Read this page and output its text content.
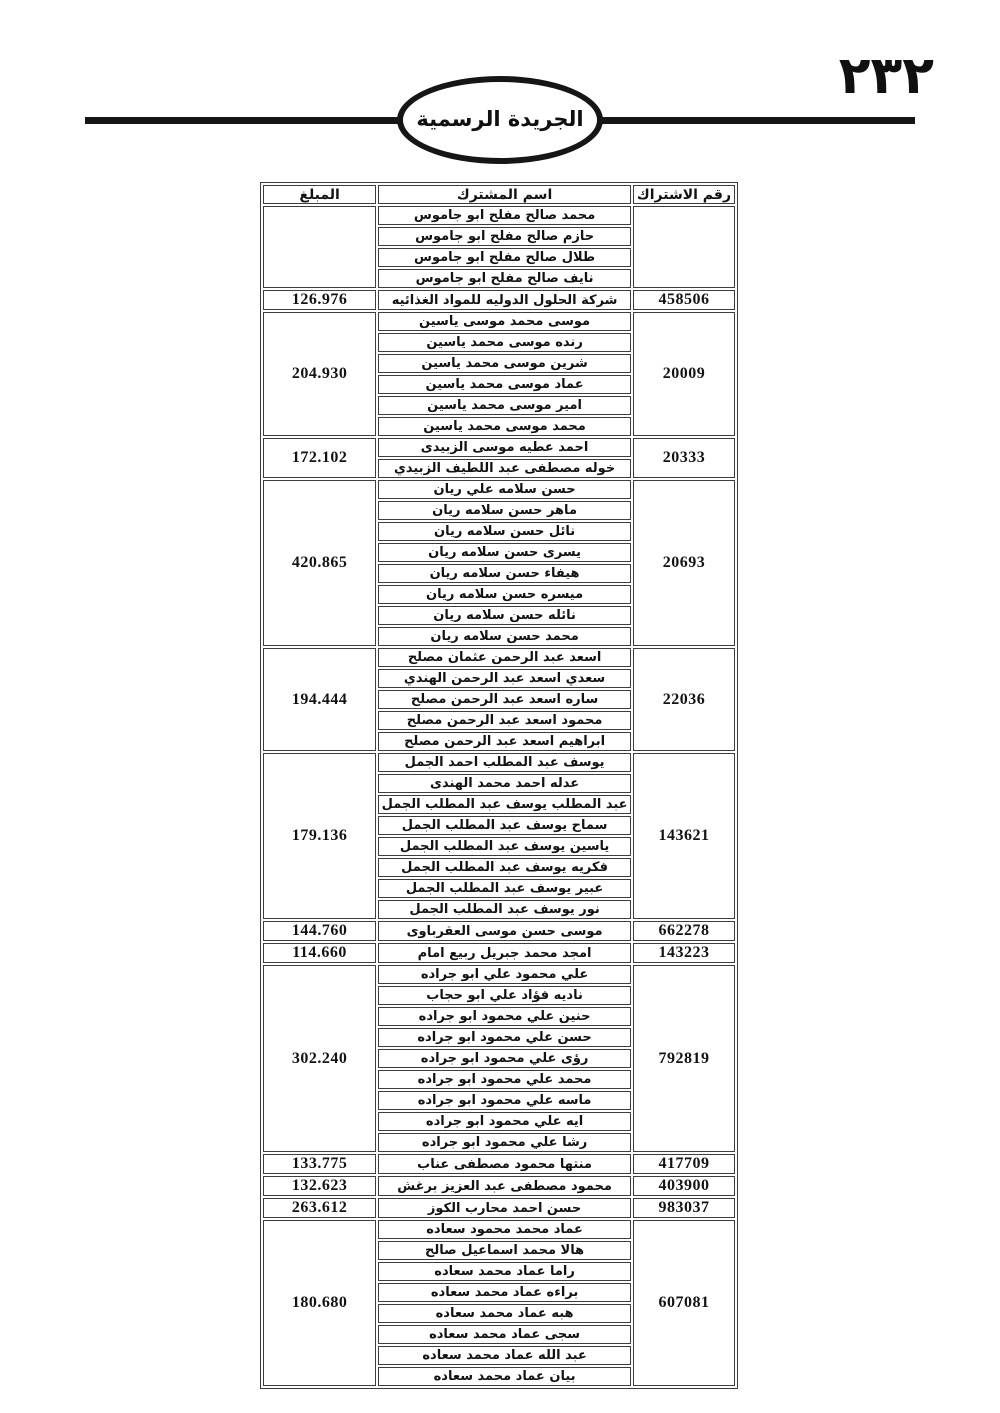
٢٣٢
الجريدة الرسمية
رقم الاشتراك	اسم المشترك	المبلغ
	محمد صالح مفلح ابو جاموس	
	حازم صالح مفلح ابو جاموس	
	طلال صالح مفلح ابو جاموس	
	نايف صالح مفلح ابو جاموس	
458506	شركة الحلول الدوليه للمواد الغذائيه	126.976
20009	موسى محمد موسى ياسين	204.930
	رنده موسى محمد ياسين	
	شرين موسى محمد ياسين	
	عماد موسى محمد ياسين	
	امير موسى محمد ياسين	
	محمد موسى محمد ياسين	
20333	احمد عطيه موسى الزبيدى	172.102
	خوله مصطفى عبد اللطيف الزبيدي	
20693	حسن سلامه علي ريان	420.865
	ماهر حسن سلامه ريان	
	نائل حسن سلامه ريان	
	يسرى حسن سلامه ريان	
	هيفاء حسن سلامه ريان	
	ميسره حسن سلامه ريان	
	نائله حسن سلامه ريان	
	محمد حسن سلامه ريان	
22036	اسعد عبد الرحمن عثمان مصلح	194.444
	سعدي اسعد عبد الرحمن الهندي	
	ساره اسعد عبد الرحمن مصلح	
	محمود اسعد عبد الرحمن مصلح	
	ابراهيم اسعد عبد الرحمن مصلح	
143621	يوسف عبد المطلب احمد الجمل	179.136
	عدله احمد محمد الهندى	
	عبد المطلب يوسف عبد المطلب الجمل	
	سماح يوسف عبد المطلب الجمل	
	ياسين يوسف عبد المطلب الجمل	
	فكريه يوسف عبد المطلب الجمل	
	عبير يوسف عبد المطلب الجمل	
	نور يوسف عبد المطلب الجمل	
662278	موسى حسن موسى العقرباوى	144.760
143223	امجد محمد جبريل ربيع امام	114.660
792819	علي محمود علي ابو جراده	302.240
	ناديه فؤاد علي ابو حجاب	
	حنين علي محمود ابو جراده	
	حسن علي محمود ابو جراده	
	رؤى علي محمود ابو جراده	
	محمد علي محمود ابو جراده	
	ماسه علي محمود ابو جراده	
	ايه علي محمود ابو جراده	
	رشا علي محمود ابو جراده	
417709	منتها محمود مصطفى عناب	133.775
403900	محمود مصطفى عبد العزيز برغش	132.623
983037	حسن احمد محارب الكوز	263.612
607081	عماد محمد محمود سعاده	180.680
	هالا محمد اسماعيل صالح	
	راما عماد محمد سعاده	
	براءه عماد محمد سعاده	
	هبه عماد محمد سعاده	
	سجى عماد محمد سعاده	
	عبد الله عماد محمد سعاده	
	بيان عماد محمد سعاده	
